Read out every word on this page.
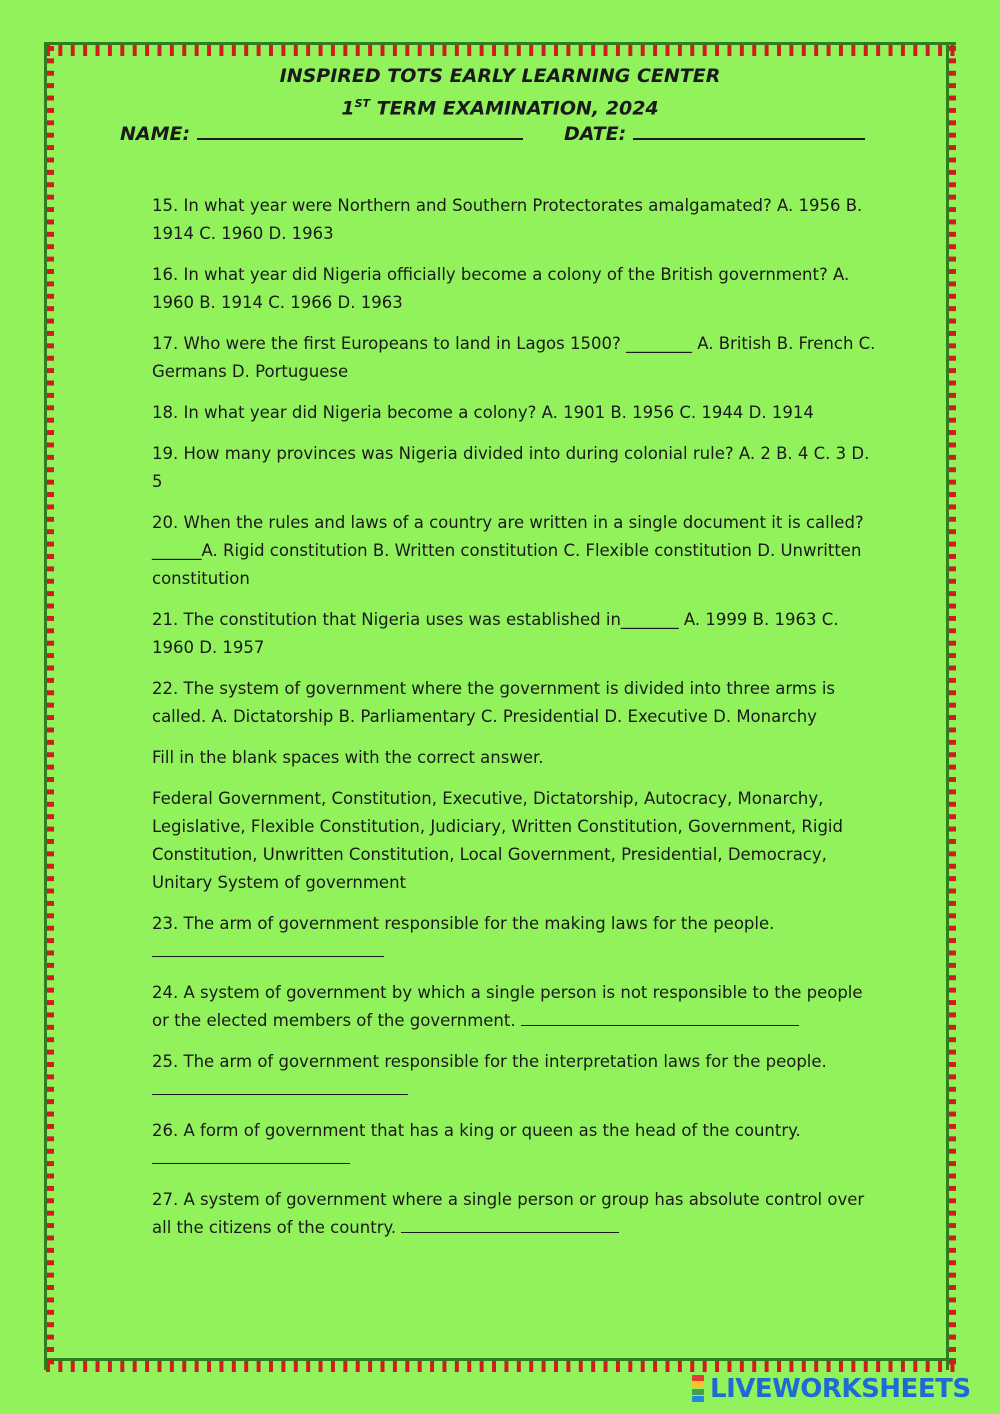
INSPIRED TOTS EARLY LEARNING CENTER
1ST TERM EXAMINATION, 2024
NAME:	DATE:

15. In what year were Northern and Southern Protectorates amalgamated? A. 1956 B. 1914 C. 1960 D. 1963

16. In what year did Nigeria officially become a colony of the British government? A. 1960 B. 1914 C. 1966 D. 1963

17. Who were the first Europeans to land in Lagos 1500? ________ A. British B. French C. Germans D. Portuguese

18. In what year did Nigeria become a colony? A. 1901 B. 1956 C. 1944 D. 1914

19. How many provinces was Nigeria divided into during colonial rule? A. 2 B. 4 C. 3 D. 5

20. When the rules and laws of a country are written in a single document it is called? ______A. Rigid constitution B. Written constitution C. Flexible constitution D. Unwritten constitution

21. The constitution that Nigeria uses was established in_______ A. 1999 B. 1963 C. 1960 D. 1957

22. The system of government where the government is divided into three arms is called. A. Dictatorship B. Parliamentary C. Presidential D. Executive D. Monarchy

Fill in the blank spaces with the correct answer.

Federal Government, Constitution, Executive, Dictatorship, Autocracy, Monarchy, Legislative, Flexible Constitution, Judiciary, Written Constitution, Government, Rigid Constitution, Unwritten Constitution, Local Government, Presidential, Democracy, Unitary System of government

23. The arm of government responsible for the making laws for the people.

24. A system of government by which a single person is not responsible to the people or the elected members of the government.

25. The arm of government responsible for the interpretation laws for the people.

26. A form of government that has a king or queen as the head of the country.

27. A system of government where a single person or group has absolute control over all the citizens of the country.

LIVEWORKSHEETS
